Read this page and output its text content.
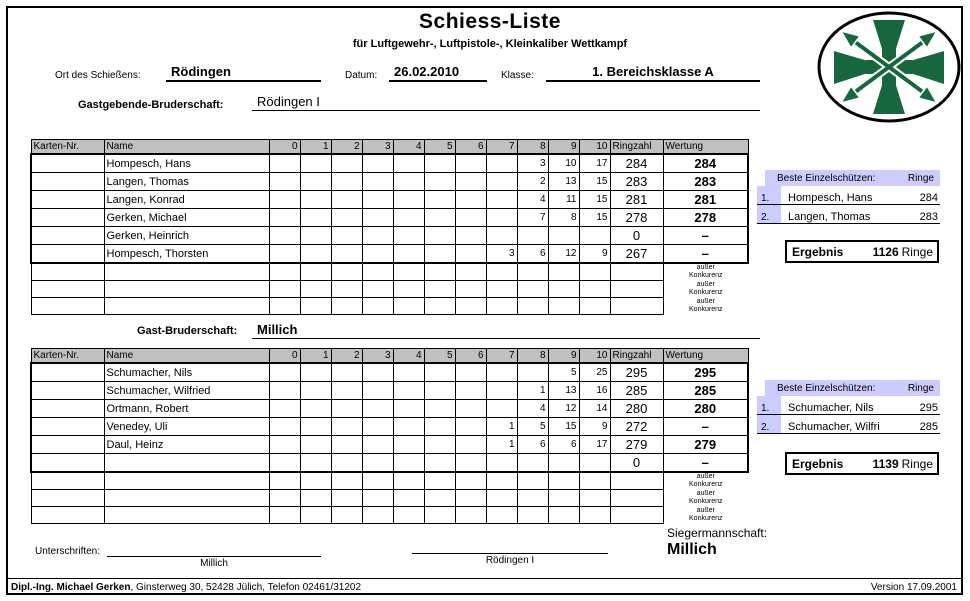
Schiess-Liste
für Luftgewehr-, Luftpistole-, Kleinkaliber Wettkampf
Ort des Schießens: Rödingen	Datum: 26.02.2010	Klasse:	1. Bereichsklasse A
Gastgebende-Bruderschaft:	Rödingen I
Karten-Nr.	Name	0	1	2	3	4	5	6	7	8	9	10	Ringzahl	Wertung
	Hompesch, Hans									3	10	17	284	284
	Langen, Thomas									2	13	15	283	283
	Langen, Konrad									4	11	15	281	281
	Gerken, Michael									7	8	15	278	278
	Gerken, Heinrich												0	–
	Hompesch, Thorsten								3	6	12	9	267	–

														außer
Konkurenz

														außer
Konkurenz

														außer
Konkurenz
Beste Einzelschützen:	Ringe
1.	Hompesch, Hans	284
2.	Langen, Thomas	283
Ergebnis 1126 Ringe
Gast-Bruderschaft: Millich
Karten-Nr.	Name	0	1	2	3	4	5	6	7	8	9	10	Ringzahl	Wertung
	Schumacher, Nils										5	25	295	295
	Schumacher, Wilfried									1	13	16	285	285
	Ortmann, Robert									4	12	14	280	280
	Venedey, Uli								1	5	15	9	272	–
	Daul, Heinz								1	6	6	17	279	279
													0	–

														außer
Konkurenz

														außer
Konkurenz

														außer
Konkurenz
Beste Einzelschützen:	Ringe
1.	Schumacher, Nils	295
2.	Schumacher, Wilfri	285
Ergebnis 1139 Ringe
Siegermannschaft:
Millich
Unterschriften:
Millich	Rödingen I
Dipl.-Ing. Michael Gerken, Ginsterweg 30, 52428 Jülich, Telefon 02461/31202	Version 17.09.2001
